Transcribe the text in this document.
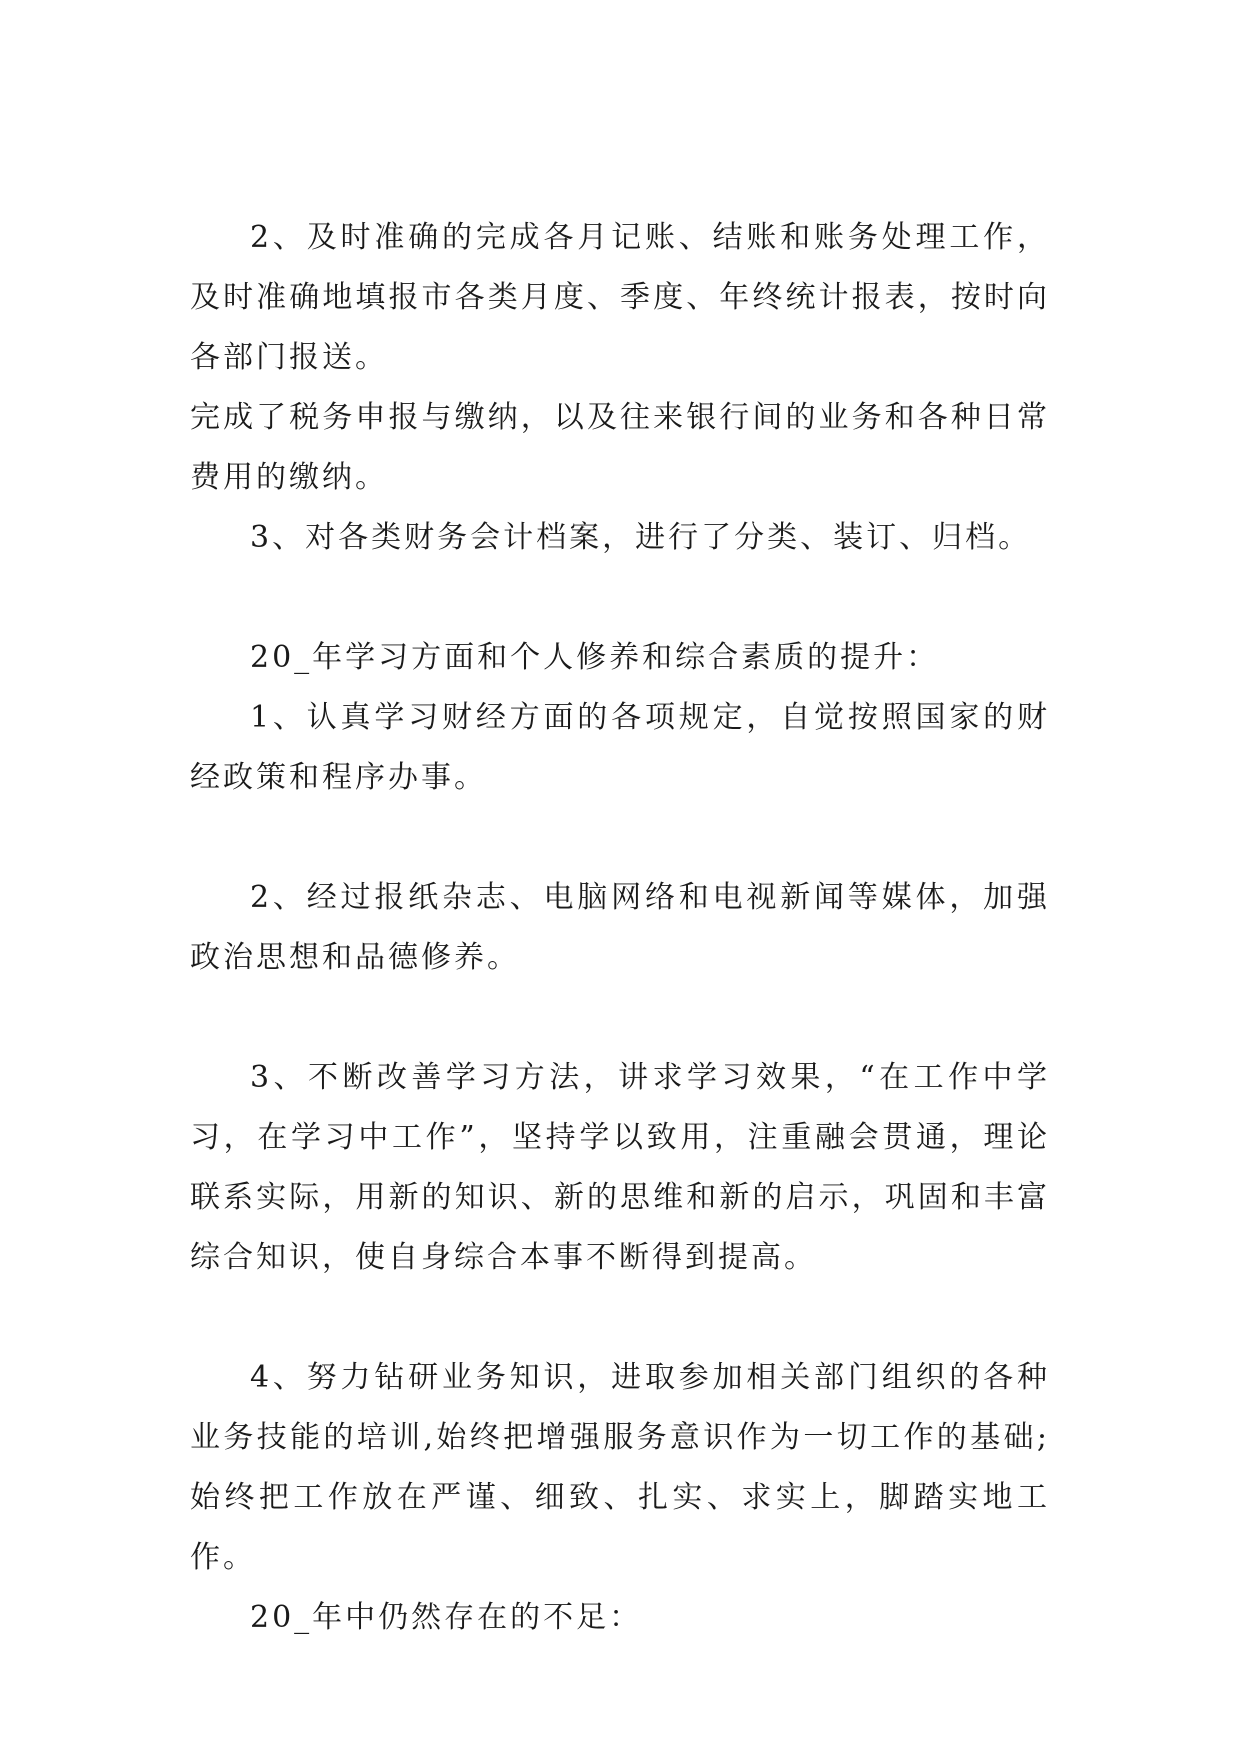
2、及时准确的完成各月记账、结账和账务处理工作，及时准确地填报市各类月度、季度、年终统计报表，按时向各部门报送。

完成了税务申报与缴纳，以及往来银行间的业务和各种日常费用的缴纳。

3、对各类财务会计档案，进行了分类、装订、归档。

20_年学习方面和个人修养和综合素质的提升：

1、认真学习财经方面的各项规定，自觉按照国家的财经政策和程序办事。

2、经过报纸杂志、电脑网络和电视新闻等媒体，加强政治思想和品德修养。

3、不断改善学习方法，讲求学习效果，“在工作中学习，在学习中工作”，坚持学以致用，注重融会贯通，理论联系实际，用新的知识、新的思维和新的启示，巩固和丰富综合知识，使自身综合本事不断得到提高。

4、努力钻研业务知识，进取参加相关部门组织的各种业务技能的培训,始终把增强服务意识作为一切工作的基础;始终把工作放在严谨、细致、扎实、求实上，脚踏实地工作。

20_年中仍然存在的不足：
